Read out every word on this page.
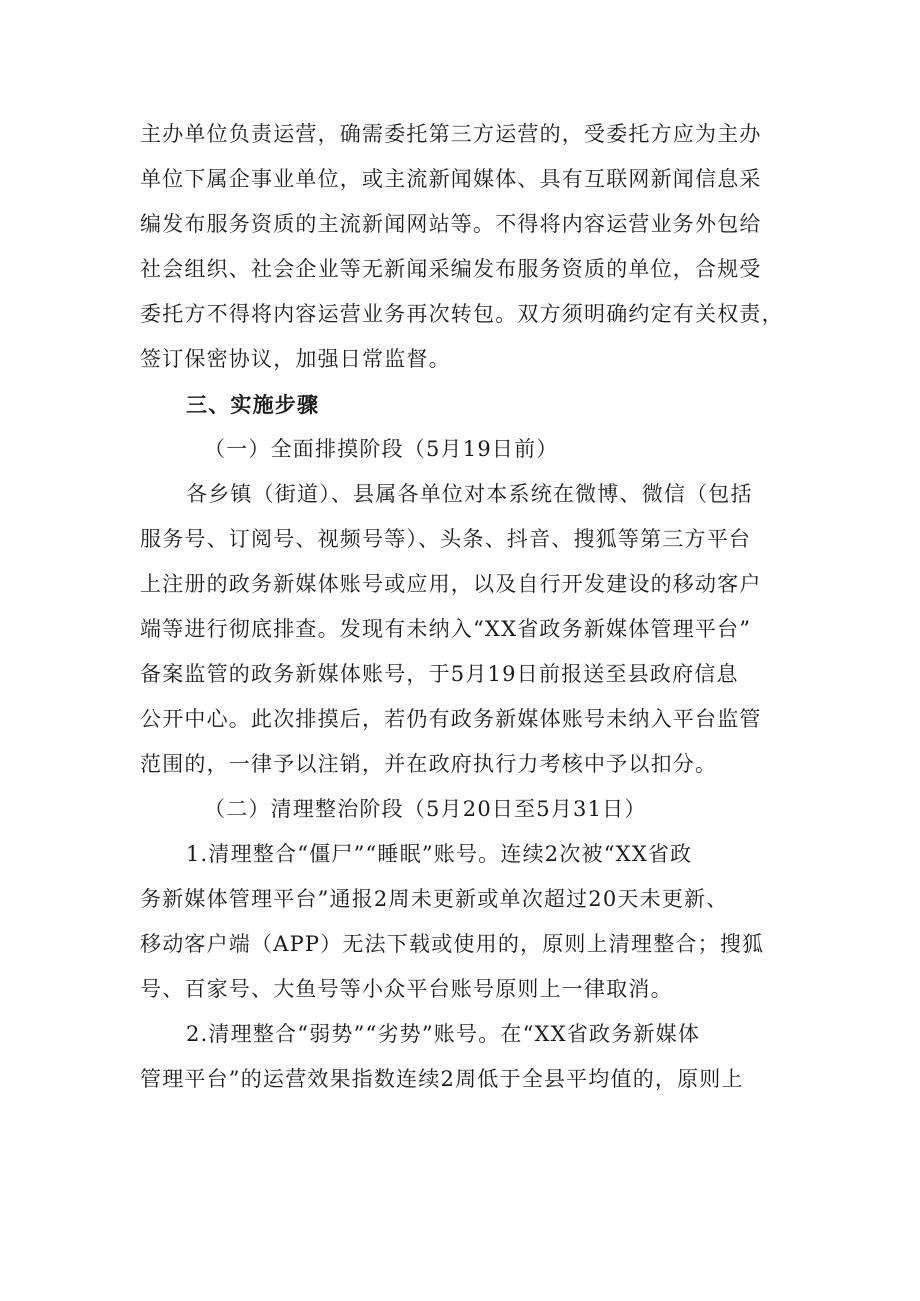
主办单位负责运营，确需委托第三方运营的，受委托方应为主办

单位下属企事业单位，或主流新闻媒体、具有互联网新闻信息采

编发布服务资质的主流新闻网站等。不得将内容运营业务外包给

社会组织、社会企业等无新闻采编发布服务资质的单位，合规受

委托方不得将内容运营业务再次转包。双方须明确约定有关权责，

签订保密协议，加强日常监督。

三、实施步骤

（一）全面排摸阶段（5月19日前）

各乡镇（街道）、县属各单位对本系统在微博、微信（包括

服务号、订阅号、视频号等）、头条、抖音、搜狐等第三方平台

上注册的政务新媒体账号或应用，以及自行开发建设的移动客户

端等进行彻底排查。发现有未纳入“XX省政务新媒体管理平台”

备案监管的政务新媒体账号，于5月19日前报送至县政府信息

公开中心。此次排摸后，若仍有政务新媒体账号未纳入平台监管

范围的，一律予以注销，并在政府执行力考核中予以扣分。

（二）清理整治阶段（5月20日至5月31日）

1.清理整合“僵尸”“睡眠”账号。连续2次被“XX省政

务新媒体管理平台”通报2周未更新或单次超过20天未更新、

移动客户端（APP）无法下载或使用的，原则上清理整合；搜狐

号、百家号、大鱼号等小众平台账号原则上一律取消。

2.清理整合“弱势”“劣势”账号。在“XX省政务新媒体

管理平台”的运营效果指数连续2周低于全县平均值的，原则上
